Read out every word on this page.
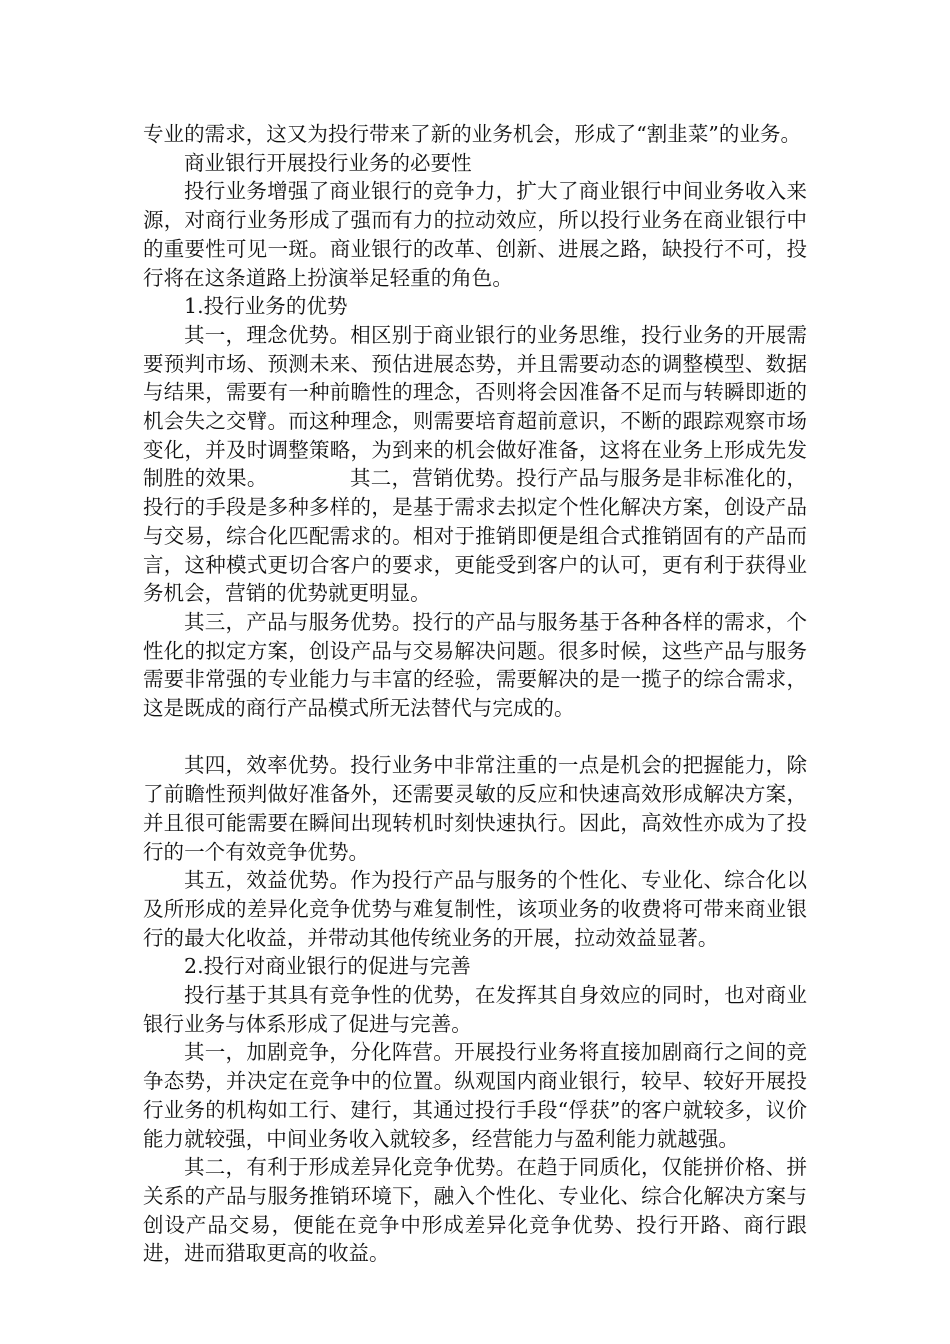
专业的需求，这又为投行带来了新的业务机会，形成了“割韭菜”的业务。

商业银行开展投行业务的必要性

投行业务增强了商业银行的竞争力，扩大了商业银行中间业务收入来源，对商行业务形成了强而有力的拉动效应，所以投行业务在商业银行中的重要性可见一斑。商业银行的改革、创新、进展之路，缺投行不可，投行将在这条道路上扮演举足轻重的角色。

1.投行业务的优势

其一，理念优势。相区别于商业银行的业务思维，投行业务的开展需要预判市场、预测未来、预估进展态势，并且需要动态的调整模型、数据与结果，需要有一种前瞻性的理念，否则将会因准备不足而与转瞬即逝的机会失之交臂。而这种理念，则需要培育超前意识，不断的跟踪观察市场变化，并及时调整策略，为到来的机会做好准备，这将在业务上形成先发制胜的效果。	其二，营销优势。投行产品与服务是非标准化的，投行的手段是多种多样的，是基于需求去拟定个性化解决方案，创设产品与交易，综合化匹配需求的。相对于推销即便是组合式推销固有的产品而言，这种模式更切合客户的要求，更能受到客户的认可，更有利于获得业务机会，营销的优势就更明显。

其三，产品与服务优势。投行的产品与服务基于各种各样的需求，个性化的拟定方案，创设产品与交易解决问题。很多时候，这些产品与服务需要非常强的专业能力与丰富的经验，需要解决的是一揽子的综合需求，这是既成的商行产品模式所无法替代与完成的。

其四，效率优势。投行业务中非常注重的一点是机会的把握能力，除了前瞻性预判做好准备外，还需要灵敏的反应和快速高效形成解决方案，并且很可能需要在瞬间出现转机时刻快速执行。因此，高效性亦成为了投行的一个有效竞争优势。

其五，效益优势。作为投行产品与服务的个性化、专业化、综合化以及所形成的差异化竞争优势与难复制性，该项业务的收费将可带来商业银行的最大化收益，并带动其他传统业务的开展，拉动效益显著。

2.投行对商业银行的促进与完善

投行基于其具有竞争性的优势，在发挥其自身效应的同时，也对商业银行业务与体系形成了促进与完善。

其一，加剧竞争，分化阵营。开展投行业务将直接加剧商行之间的竞争态势，并决定在竞争中的位置。纵观国内商业银行，较早、较好开展投行业务的机构如工行、建行，其通过投行手段“俘获”的客户就较多，议价能力就较强，中间业务收入就较多，经营能力与盈利能力就越强。

其二，有利于形成差异化竞争优势。在趋于同质化，仅能拼价格、拼关系的产品与服务推销环境下，融入个性化、专业化、综合化解决方案与创设产品交易，便能在竞争中形成差异化竞争优势、投行开路、商行跟进，进而猎取更高的收益。
